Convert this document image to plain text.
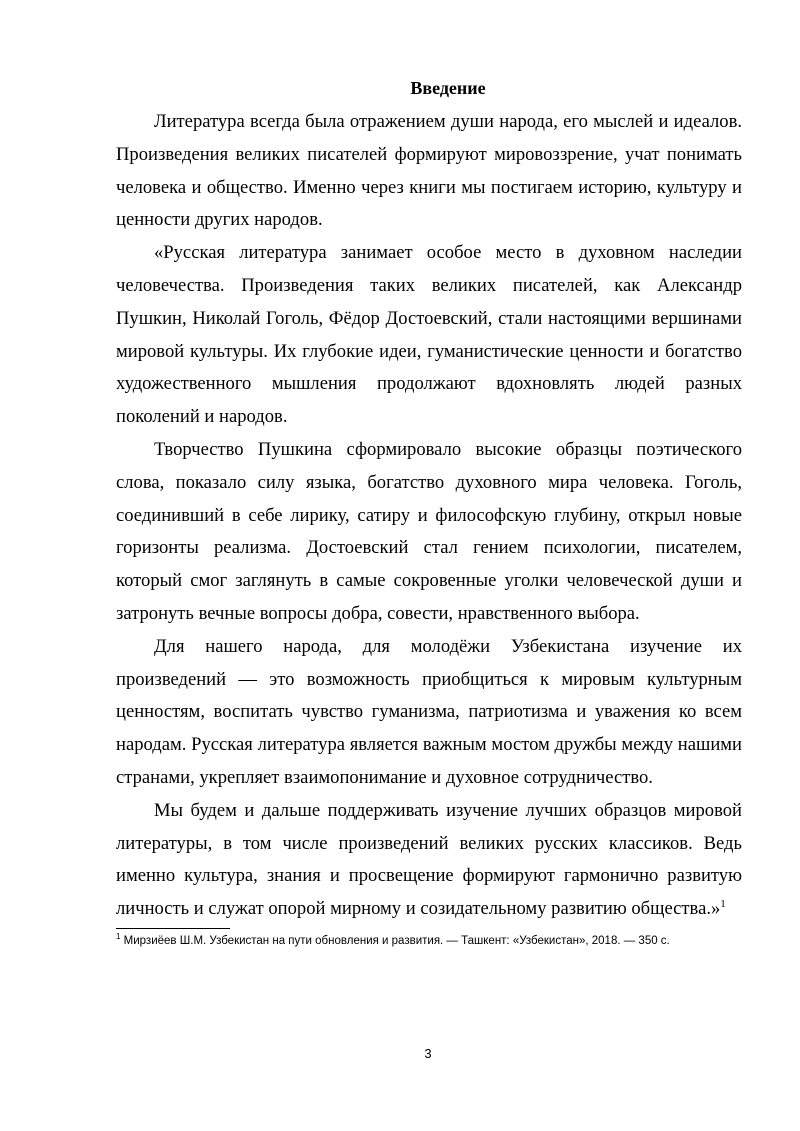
Введение

Литература всегда была отражением души народа, его мыслей и идеалов. Произведения великих писателей формируют мировоззрение, учат понимать человека и общество. Именно через книги мы постигаем историю, культуру и ценности других народов.

«Русская литература занимает особое место в духовном наследии человечества. Произведения таких великих писателей, как Александр Пушкин, Николай Гоголь, Фёдор Достоевский, стали настоящими вершинами мировой культуры. Их глубокие идеи, гуманистические ценности и богатство художественного мышления продолжают вдохновлять людей разных поколений и народов.

Творчество Пушкина сформировало высокие образцы поэтического слова, показало силу языка, богатство духовного мира человека. Гоголь, соединивший в себе лирику, сатиру и философскую глубину, открыл новые горизонты реализма. Достоевский стал гением психологии, писателем, который смог заглянуть в самые сокровенные уголки человеческой души и затронуть вечные вопросы добра, совести, нравственного выбора.

Для нашего народа, для молодёжи Узбекистана изучение их произведений — это возможность приобщиться к мировым культурным ценностям, воспитать чувство гуманизма, патриотизма и уважения ко всем народам. Русская литература является важным мостом дружбы между нашими странами, укрепляет взаимопонимание и духовное сотрудничество.

Мы будем и дальше поддерживать изучение лучших образцов мировой литературы, в том числе произведений великих русских классиков. Ведь именно культура, знания и просвещение формируют гармонично развитую личность и служат опорой мирному и созидательному развитию общества.»$^1$

$^1$ Мирзиёев Ш.М. Узбекистан на пути обновления и развития. — Ташкент: «Узбекистан», 2018. — 350 с.
3
